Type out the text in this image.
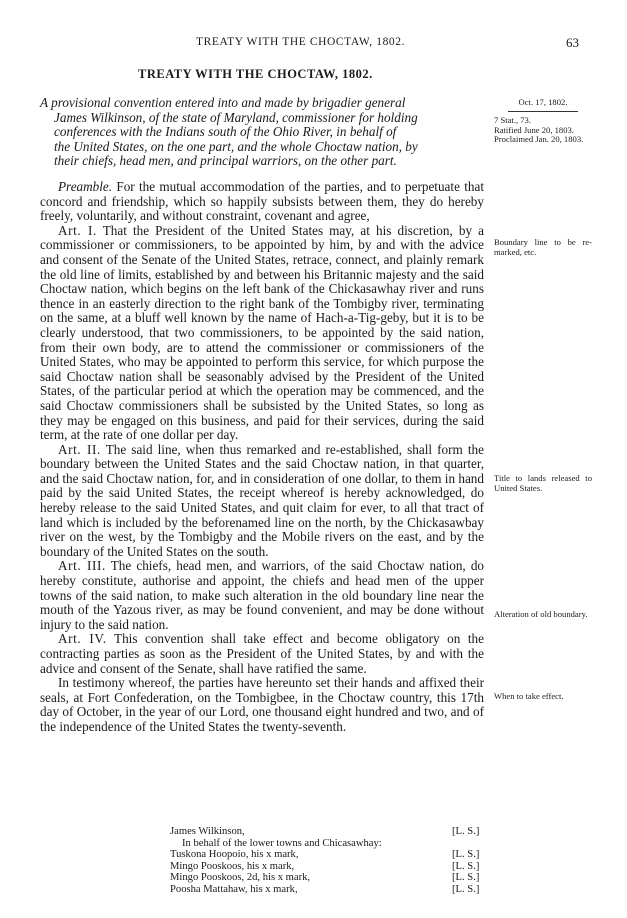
TREATY WITH THE CHOCTAW, 1802.	63
TREATY WITH THE CHOCTAW, 1802.
A provisional convention entered into and made by brigadier general
James Wilkinson, of the state of Maryland, commissioner for holding
conferences with the Indians south of the Ohio River, in behalf of
the United States, on the one part, and the whole Choctaw nation, by
their chiefs, head men, and principal warriors, on the other part.
Oct. 17, 1802.
7 Stat., 73.
Ratified June 20, 1803.
Proclaimed Jan. 20, 1803.
Boundary line to be re-marked, etc.
Title to lands released to United States.
Alteration of old boundary.
When to take effect.

Preamble. For the mutual accommodation of the parties, and to perpetuate that concord and friendship, which so happily subsists between them, they do hereby freely, voluntarily, and without constraint, covenant and agree,

Art. I. That the President of the United States may, at his discretion, by a commissioner or commissioners, to be appointed by him, by and with the advice and consent of the Senate of the United States, retrace, connect, and plainly remark the old line of limits, established by and between his Britannic majesty and the said Choctaw nation, which begins on the left bank of the Chickasawhay river and runs thence in an easterly direction to the right bank of the Tombigby river, terminating on the same, at a bluff well known by the name of Hach-a-Tig-geby, but it is to be clearly understood, that two commissioners, to be appointed by the said nation, from their own body, are to attend the commissioner or commissioners of the United States, who may be appointed to perform this service, for which purpose the said Choctaw nation shall be seasonably advised by the President of the United States, of the particular period at which the operation may be commenced, and the said Choctaw commissioners shall be subsisted by the United States, so long as they may be engaged on this business, and paid for their services, during the said term, at the rate of one dollar per day.

Art. II. The said line, when thus remarked and re-established, shall form the boundary between the United States and the said Choctaw nation, in that quarter, and the said Choctaw nation, for, and in consideration of one dollar, to them in hand paid by the said United States, the receipt whereof is hereby acknowledged, do hereby release to the said United States, and quit claim for ever, to all that tract of land which is included by the beforenamed line on the north, by the Chickasawbay river on the west, by the Tombigby and the Mobile rivers on the east, and by the boundary of the United States on the south.

Art. III. The chiefs, head men, and warriors, of the said Choctaw nation, do hereby constitute, authorise and appoint, the chiefs and head men of the upper towns of the said nation, to make such alteration in the old boundary line near the mouth of the Yazous river, as may be found convenient, and may be done without injury to the said nation.

Art. IV. This convention shall take effect and become obligatory on the contracting parties as soon as the President of the United States, by and with the advice and consent of the Senate, shall have ratified the same.

In testimony whereof, the parties have hereunto set their hands and affixed their seals, at Fort Confederation, on the Tombigbee, in the Choctaw country, this 17th day of October, in the year of our Lord, one thousand eight hundred and two, and of the independence of the United States the twenty-seventh.

James Wilkinson,	[L. S.]
In behalf of the lower towns and Chicasawhay:
Tuskona Hoopoio, his x mark,	[L. S.]
Mingo Pooskoos, his x mark,	[L. S.]
Mingo Pooskoos, 2d, his x mark,	[L. S.]
Poosha Mattahaw, his x mark,	[L. S.]
